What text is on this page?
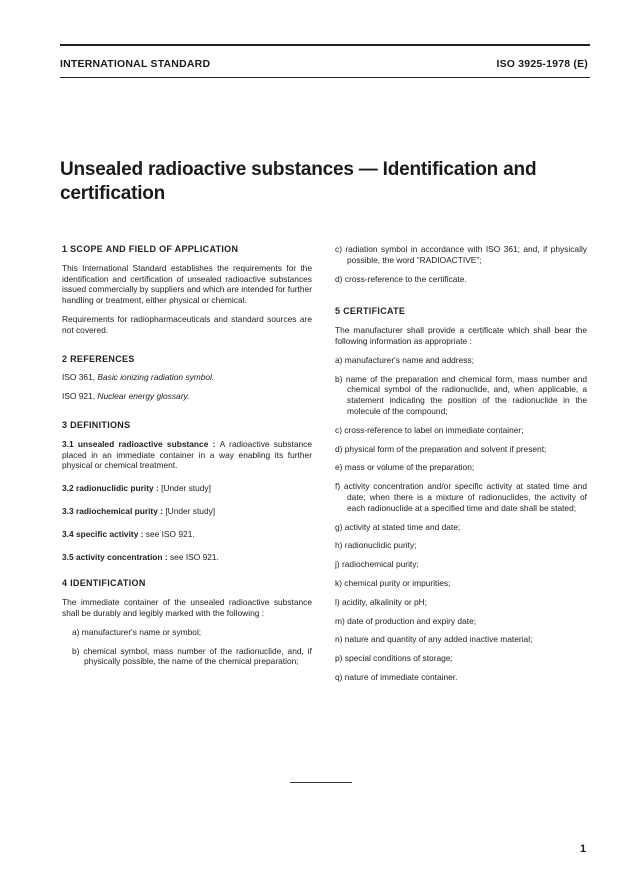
INTERNATIONAL STANDARD	ISO 3925-1978 (E)
Unsealed radioactive substances — Identification and certification
1 SCOPE AND FIELD OF APPLICATION
This International Standard establishes the requirements for the identification and certification of unsealed radioactive substances issued commercially by suppliers and which are intended for further handling or treatment, either physical or chemical.
Requirements for radiopharmaceuticals and standard sources are not covered.
2 REFERENCES
ISO 361, Basic ionizing radiation symbol.
ISO 921, Nuclear energy glossary.
3 DEFINITIONS
3.1 unsealed radioactive substance : A radioactive substance placed in an immediate container in a way enabling its further physical or chemical treatment.
3.2 radionuclidic purity : [Under study]
3.3 radiochemical purity : [Under study]
3.4 specific activity : see ISO 921.
3.5 activity concentration : see ISO 921.
4 IDENTIFICATION
The immediate container of the unsealed radioactive substance shall be durably and legibly marked with the following :
a) manufacturer's name or symbol;
b) chemical symbol, mass number of the radionuclide, and, if physically possible, the name of the chemical preparation;
c) radiation symbol in accordance with ISO 361; and, if physically possible, the word “RADIOACTIVE”;
d) cross-reference to the certificate.
5 CERTIFICATE
The manufacturer shall provide a certificate which shall bear the following information as appropriate :
a) manufacturer's name and address;
b) name of the preparation and chemical form, mass number and chemical symbol of the radionuclide, and, when applicable, a statement indicating the position of the radionuclide in the molecule of the compound;
c) cross-reference to label on immediate container;
d) physical form of the preparation and solvent if present;
e) mass or volume of the preparation;
f) activity concentration and/or specific activity at stated time and date; when there is a mixture of radionuclides, the activity of each radionuclide at a specified time and date shall be stated;
g) activity at stated time and date;
h) radionuclidic purity;
j) radiochemical purity;
k) chemical purity or impurities;
l) acidity, alkalinity or pH;
m) date of production and expiry date;
n) nature and quantity of any added inactive material;
p) special conditions of storage;
q) nature of immediate container.
1
